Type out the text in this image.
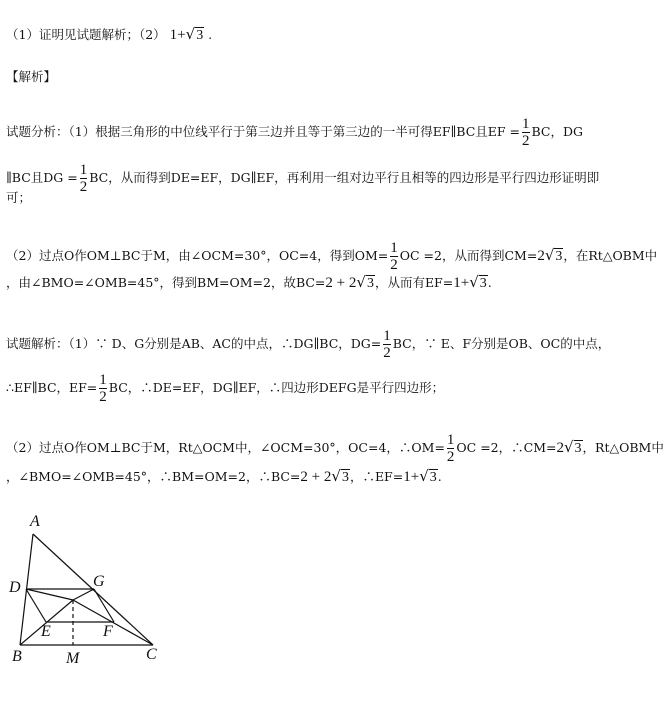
（1）证明见试题解析；（2） 1+√3 .
【解析】
试题分析：（1）根据三角形的中位线平行于第三边并且等于第三边的一半可得EF∥BC且EF = $\frac{1}{2}$ BC，DG
∥BC且DG = $\frac{1}{2}$ BC，从而得到DE=EF，DG∥EF，再利用一组对边平行且相等的四边形是平行四边形证明即
可；
（2）过点O作OM⊥BC于M，由∠OCM=30°，OC=4，得到$OM= \frac{1}{2}$ OC =2，从而得到CM=2√3，在Rt△OBM中
，由∠BMO=∠OMB=45°，得到BM=OM=2，故BC=2 + 2√3，从而有EF=1+√3.
试题解析：（1）∵ D、G分别是AB、AC的中点，∴DG∥BC，$DG= \frac{1}{2}$ BC，∵ E、F分别是OB、OC的中点，
∴EF∥BC，$EF= \frac{1}{2}$ BC，∴DE=EF，DG∥EF，∴四边形DEFG是平行四边形；
（2）过点O作OM⊥BC于M，Rt△OCM中，∠OCM=30°，OC=4，∴OM= $\frac{1}{2}$ OC =2，∴CM=2√3，Rt△OBM中
，∠BMO=∠OMB=45°，∴BM=OM=2，∴BC=2 + 2√3，∴EF=1+√3.
A
D	G
E	F
B	M	C
